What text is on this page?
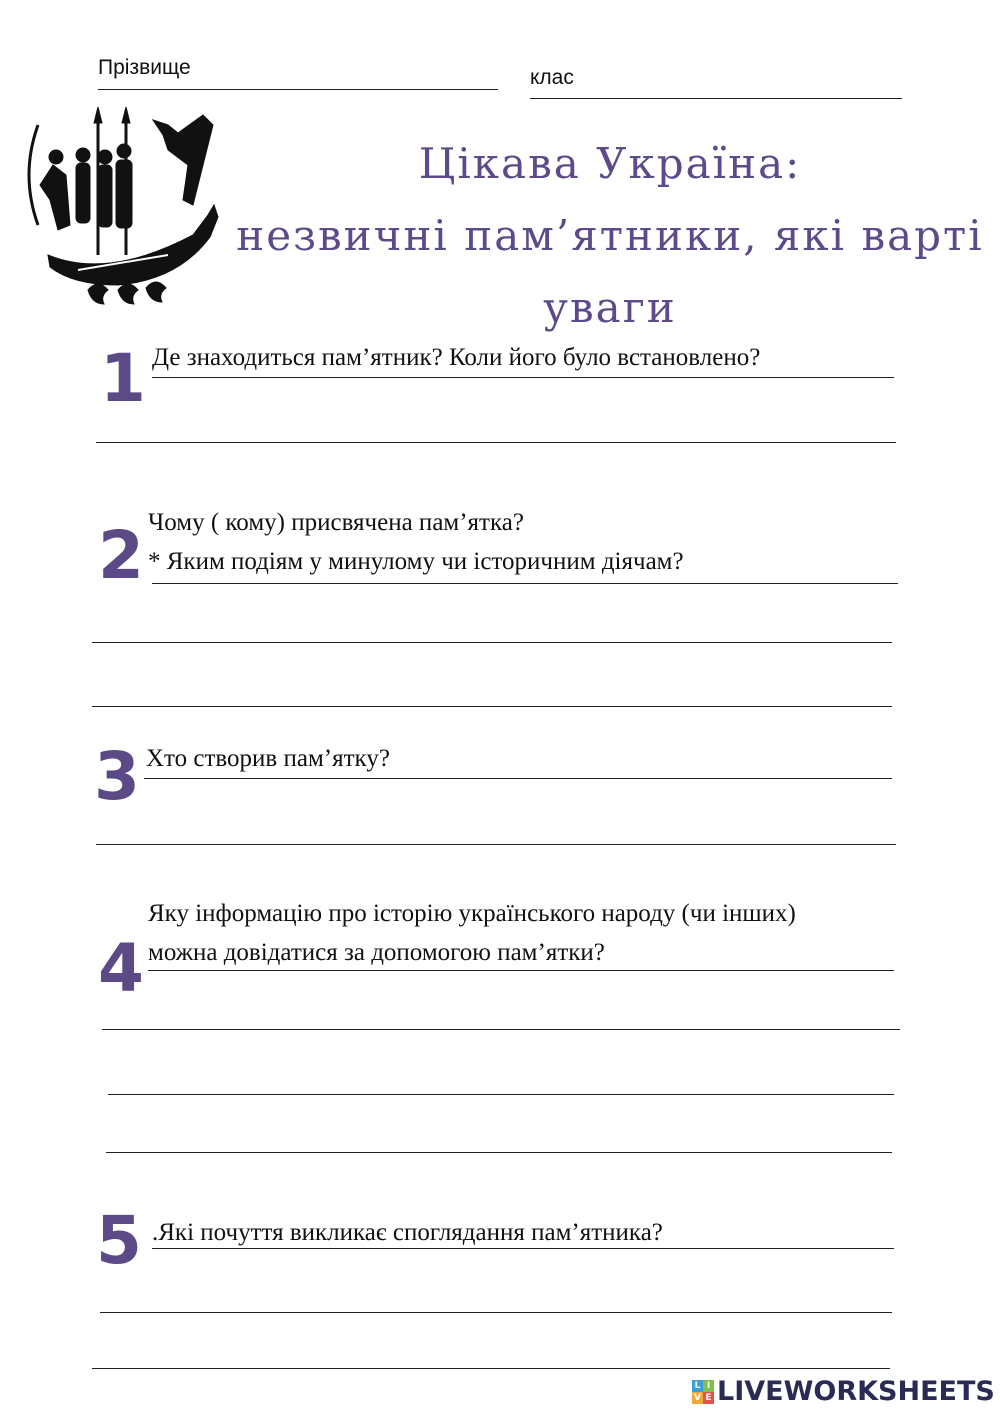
Прізвище	клас
Цікава Україна:
незвичні пам’ятники, які варті
уваги
1 Де знаходиться пам’ятник? Коли його було встановлено?
2 Чому ( кому) присвячена пам’ятка?
* Яким подіям у минулому чи історичним діячам?
3 Хто створив пам’ятку?
4
Яку інформацію про історію українського народу (чи інших)
можна довідатися за допомогою пам’ятки?
5 .Які почуття викликає споглядання пам’ятника?
L I
V E LIVEWORKSHEETS
